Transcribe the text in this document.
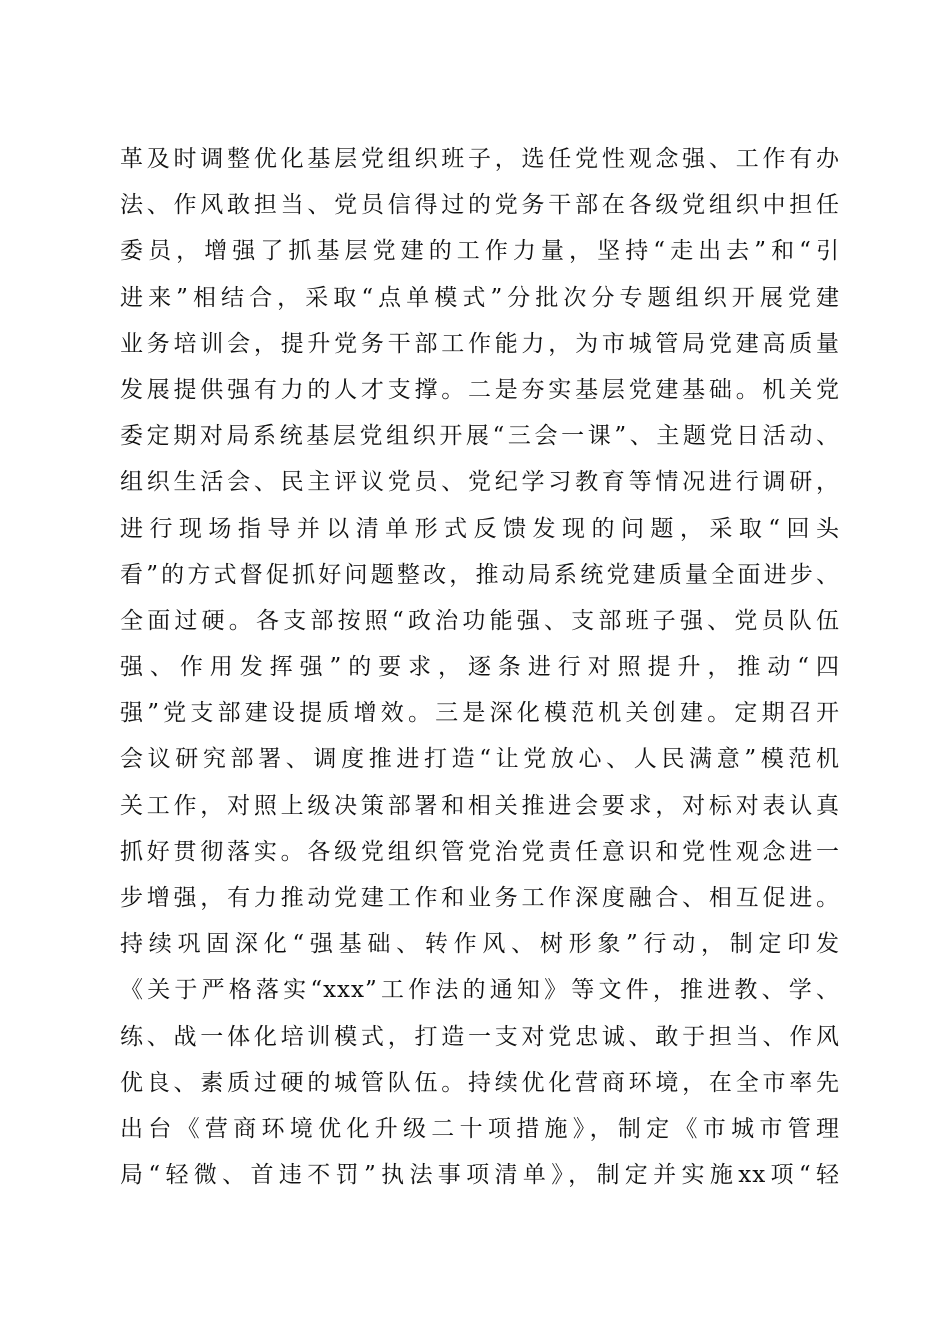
革及时调整优化基层党组织班子，选任党性观念强、工作有办
法、作风敢担当、党员信得过的党务干部在各级党组织中担任
委员，增强了抓基层党建的工作力量，坚持“走出去”和“引
进来”相结合，采取“点单模式”分批次分专题组织开展党建
业务培训会，提升党务干部工作能力，为市城管局党建高质量
发展提供强有力的人才支撑。二是夯实基层党建基础。机关党
委定期对局系统基层党组织开展“三会一课”、主题党日活动、
组织生活会、民主评议党员、党纪学习教育等情况进行调研，
进行现场指导并以清单形式反馈发现的问题，采取“回头
看”的方式督促抓好问题整改，推动局系统党建质量全面进步、
全面过硬。各支部按照“政治功能强、支部班子强、党员队伍
强、作用发挥强”的要求，逐条进行对照提升，推动“四
强”党支部建设提质增效。三是深化模范机关创建。定期召开
会议研究部署、调度推进打造“让党放心、人民满意”模范机
关工作，对照上级决策部署和相关推进会要求，对标对表认真
抓好贯彻落实。各级党组织管党治党责任意识和党性观念进一
步增强，有力推动党建工作和业务工作深度融合、相互促进。
持续巩固深化“强基础、转作风、树形象”行动，制定印发
《关于严格落实“xxx”工作法的通知》等文件，推进教、学、
练、战一体化培训模式，打造一支对党忠诚、敢于担当、作风
优良、素质过硬的城管队伍。持续优化营商环境，在全市率先
出台《营商环境优化升级二十项措施》，制定《市城市管理
局“轻微、首违不罚”执法事项清单》，制定并实施xx项“轻
